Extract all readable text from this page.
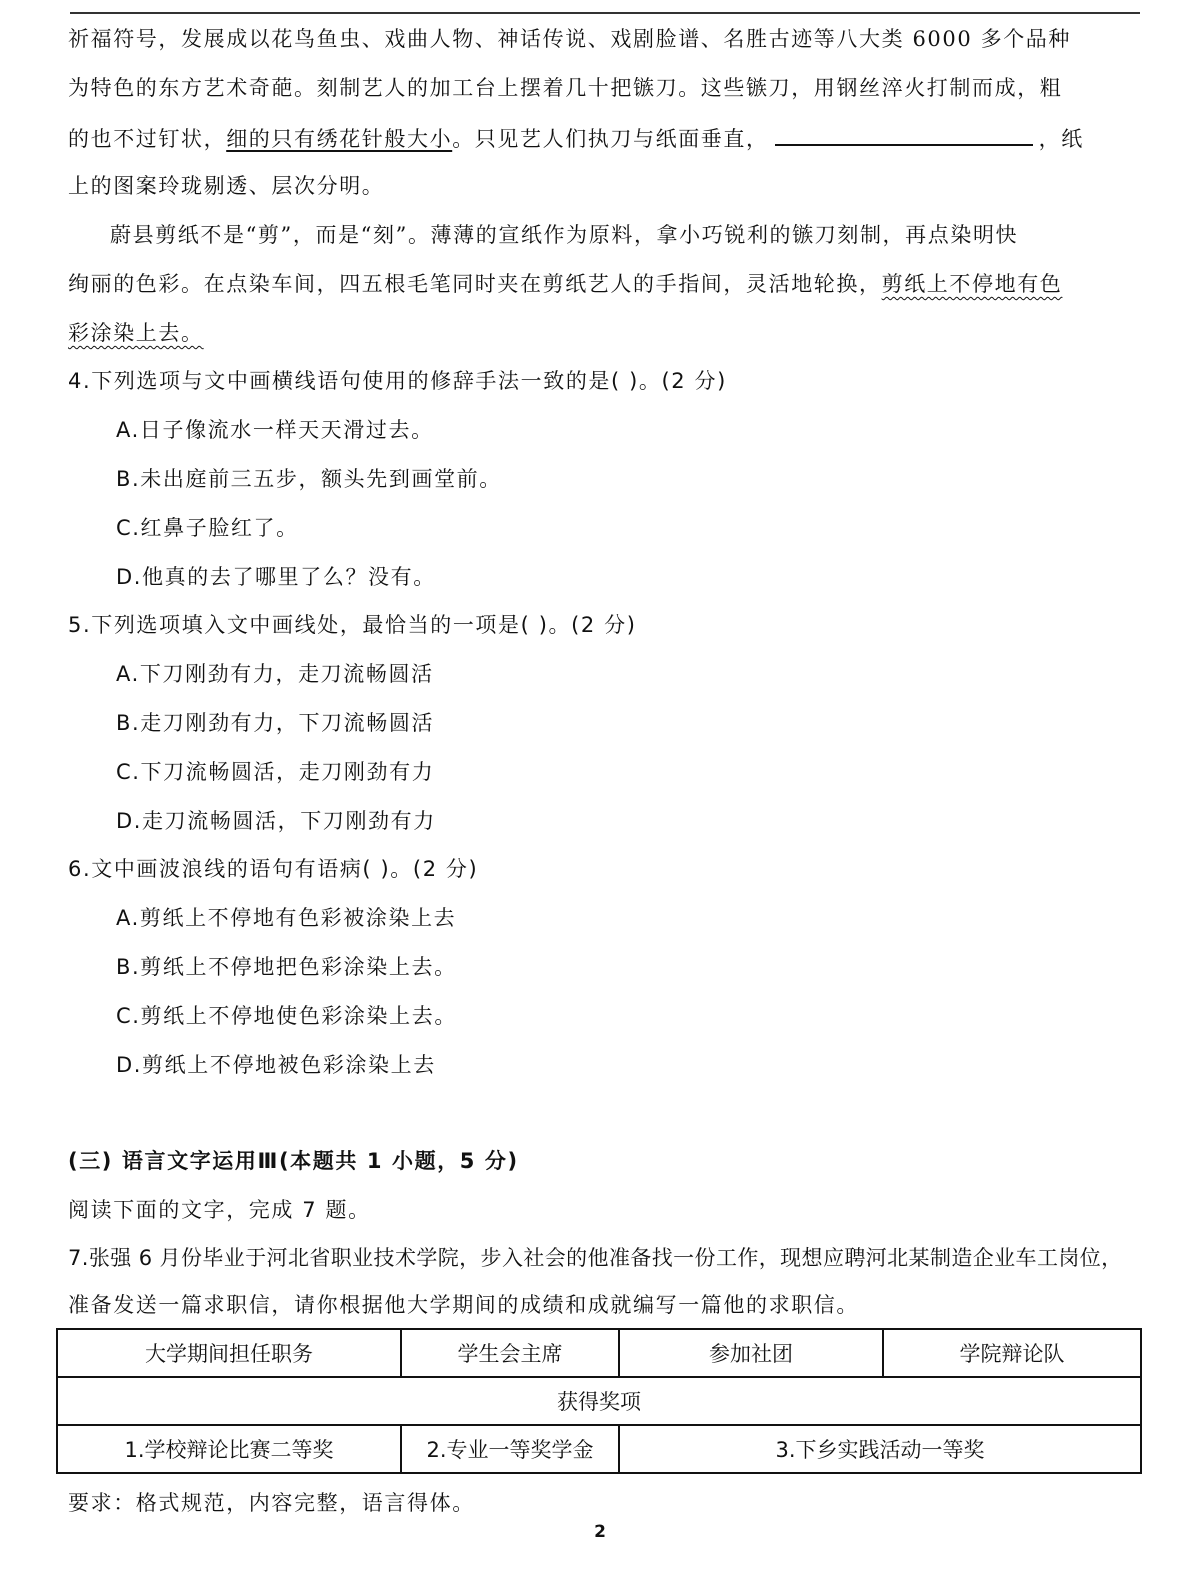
祈福符号，发展成以花鸟鱼虫、戏曲人物、神话传说、戏剧脸谱、名胜古迹等八大类 6000 多个品种
为特色的东方艺术奇葩。刻制艺人的加工台上摆着几十把镞刀。这些镞刀，用钢丝淬火打制而成，粗
的也不过钉状，细的只有绣花针般大小。只见艺人们执刀与纸面垂直，	，纸
上的图案玲珑剔透、层次分明。
蔚县剪纸不是“剪”，而是“刻”。薄薄的宣纸作为原料，拿小巧锐利的镞刀刻制，再点染明快
绚丽的色彩。在点染车间，四五根毛笔同时夹在剪纸艺人的手指间，灵活地轮换，剪纸上不停地有色
彩涂染上去。
4.下列选项与文中画横线语句使用的修辞手法一致的是( )。(2 分)
A.日子像流水一样天天滑过去。
B.未出庭前三五步，额头先到画堂前。
C.红鼻子脸红了。
D.他真的去了哪里了么？没有。
5.下列选项填入文中画线处，最恰当的一项是( )。(2 分)
A.下刀刚劲有力，走刀流畅圆活
B.走刀刚劲有力，下刀流畅圆活
C.下刀流畅圆活，走刀刚劲有力
D.走刀流畅圆活，下刀刚劲有力
6.文中画波浪线的语句有语病( )。(2 分)
A.剪纸上不停地有色彩被涂染上去
B.剪纸上不停地把色彩涂染上去。
C.剪纸上不停地使色彩涂染上去。
D.剪纸上不停地被色彩涂染上去
(三) 语言文字运用Ⅲ(本题共 1 小题，5 分)
阅读下面的文字，完成 7 题。
7.张强 6 月份毕业于河北省职业技术学院，步入社会的他准备找一份工作，现想应聘河北某制造企业车工岗位，
准备发送一篇求职信，请你根据他大学期间的成绩和成就编写一篇他的求职信。
大学期间担任职务	学生会主席	参加社团	学院辩论队
获得奖项			
1.学校辩论比赛二等奖	2.专业一等奖学金	3.下乡实践活动一等奖	
要求：格式规范，内容完整，语言得体。
2
